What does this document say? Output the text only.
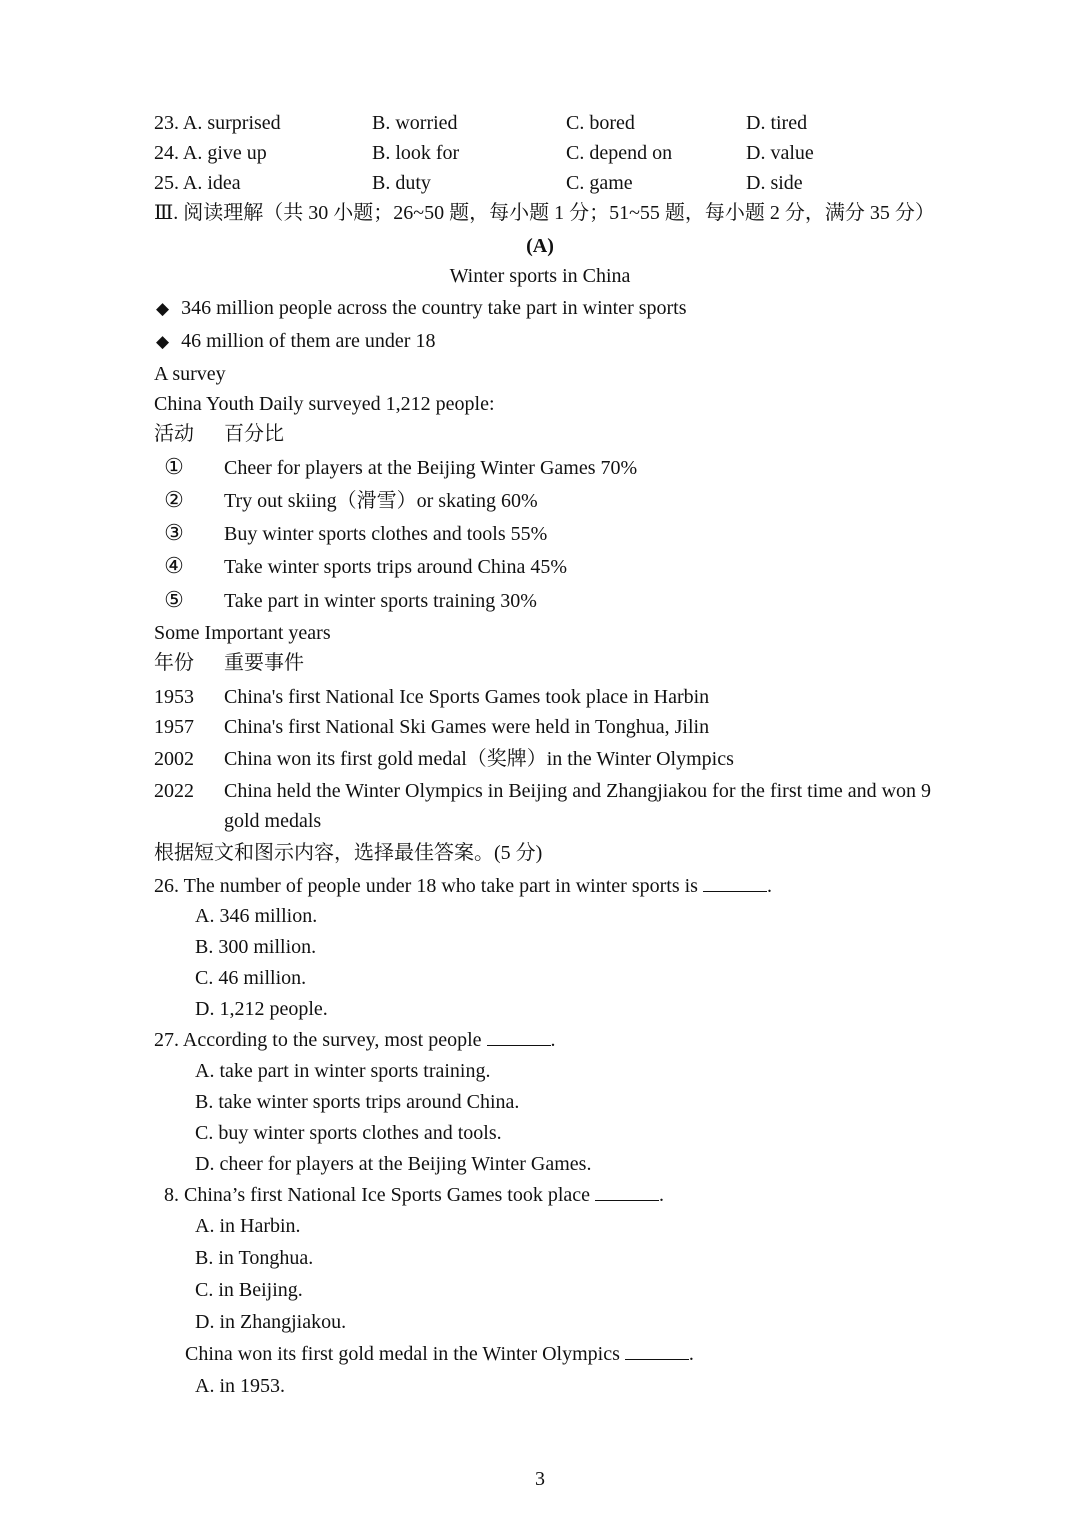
23. A. surprised	B. worried	C. bored	D. tired
24. A. give up	B. look for	C. depend on	D. value
25. A. idea	B. duty	C. game	D. side
Ⅲ. 阅读理解（共 30 小题；26~50 题，每小题 1 分；51~55 题，每小题 2 分，满分 35 分）
(A)
Winter sports in China
◆ 346 million people across the country take part in winter sports
◆ 46 million of them are under 18
A survey
China Youth Daily surveyed 1,212 people:
活动 百分比
① Cheer for players at the Beijing Winter Games 70%
② Try out skiing（滑雪）or skating 60%
③ Buy winter sports clothes and tools 55%
④ Take winter sports trips around China 45%
⑤ Take part in winter sports training 30%
Some Important years
年份 重要事件
1953 China's first National Ice Sports Games took place in Harbin
1957 China's first National Ski Games were held in Tonghua, Jilin
2002 China won its first gold medal（奖牌）in the Winter Olympics
2022 China held the Winter Olympics in Beijing and Zhangjiakou for the first time and won 9
gold medals
根据短文和图示内容，选择最佳答案。(5 分)
26. The number of people under 18 who take part in winter sports is	.
A. 346 million.
B. 300 million.
C. 46 million.
D. 1,212 people.
27. According to the survey, most people	.
A. take part in winter sports training.
B. take winter sports trips around China.
C. buy winter sports clothes and tools.
D. cheer for players at the Beijing Winter Games.
8. China’s first National Ice Sports Games took place	.
A. in Harbin.
B. in Tonghua.
C. in Beijing.
D. in Zhangjiakou.
China won its first gold medal in the Winter Olympics	.
A. in 1953.
3
